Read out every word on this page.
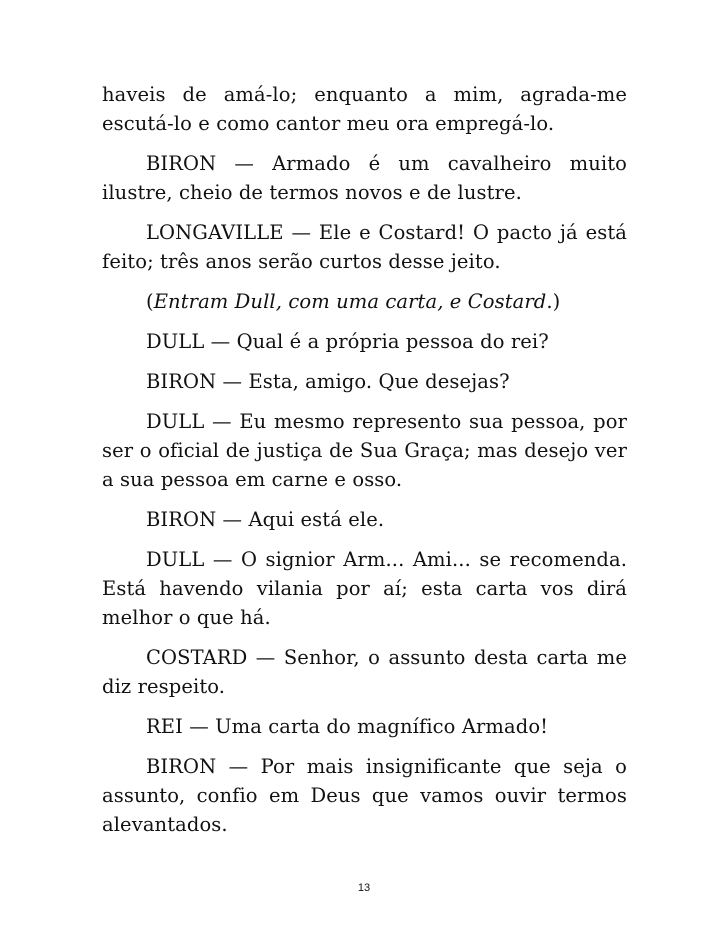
haveis de amá-lo; enquanto a mim, agrada-me escutá-lo e como cantor meu ora empregá-lo.

BIRON — Armado é um cavalheiro muito ilustre, cheio de termos novos e de lustre.

LONGAVILLE — Ele e Costard! O pacto já está feito; três anos serão curtos desse jeito.

(Entram Dull, com uma carta, e Costard.)

DULL — Qual é a própria pessoa do rei?

BIRON — Esta, amigo. Que desejas?

DULL — Eu mesmo represento sua pessoa, por ser o oficial de justiça de Sua Graça; mas desejo ver a sua pessoa em carne e osso.

BIRON — Aqui está ele.

DULL — O signior Arm... Ami... se recomenda. Está havendo vilania por aí; esta carta vos dirá melhor o que há.

COSTARD — Senhor, o assunto desta carta me diz respeito.

REI — Uma carta do magnífico Armado!

BIRON — Por mais insignificante que seja o assunto, confio em Deus que vamos ouvir termos alevantados.

13
